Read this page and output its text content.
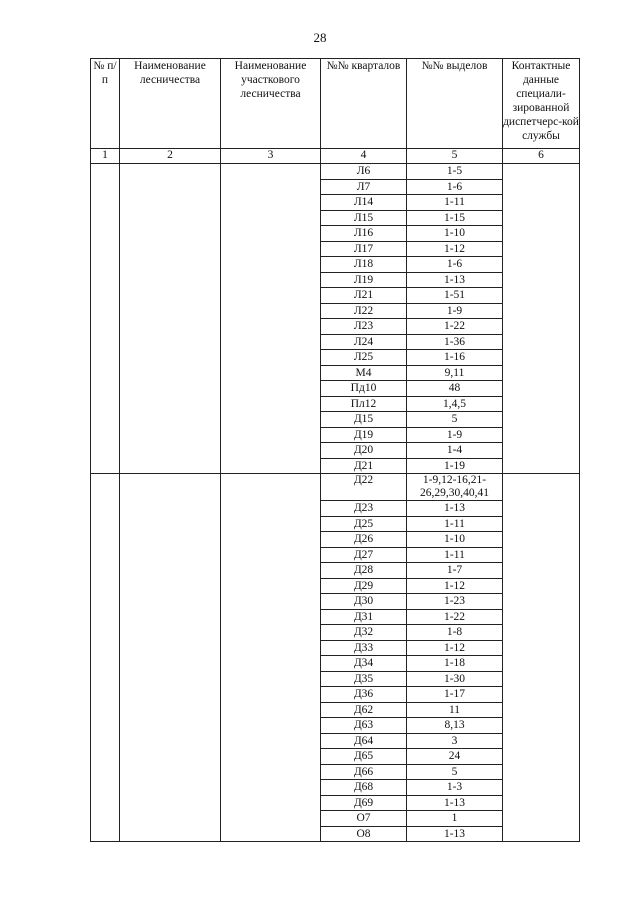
28
№ п/п	Наименование лесничества	Наименование участкового лесничества	№№ кварталов	№№ выделов	Контактные данные специали-зированной диспетчерс-кой службы
1	2	3	4	5	6
			Л6	1-5	
			Л7	1-6	
			Л14	1-11	
			Л15	1-15	
			Л16	1-10	
			Л17	1-12	
			Л18	1-6	
			Л19	1-13	
			Л21	1-51	
			Л22	1-9	
			Л23	1-22	
			Л24	1-36	
			Л25	1-16	
			М4	9,11	
			Пд10	48	
			Пл12	1,4,5	
			Д15	5	
			Д19	1-9	
			Д20	1-4	
			Д21	1-19	
			Д22	1-9,12-16,21-26,29,30,40,41	
			Д23	1-13	
			Д25	1-11	
			Д26	1-10	
			Д27	1-11	
			Д28	1-7	
			Д29	1-12	
			Д30	1-23	
			Д31	1-22	
			Д32	1-8	
			Д33	1-12	
			Д34	1-18	
			Д35	1-30	
			Д36	1-17	
			Д62	11	
			Д63	8,13	
			Д64	3	
			Д65	24	
			Д66	5	
			Д68	1-3	
			Д69	1-13	
			О7	1	
			О8	1-13	
